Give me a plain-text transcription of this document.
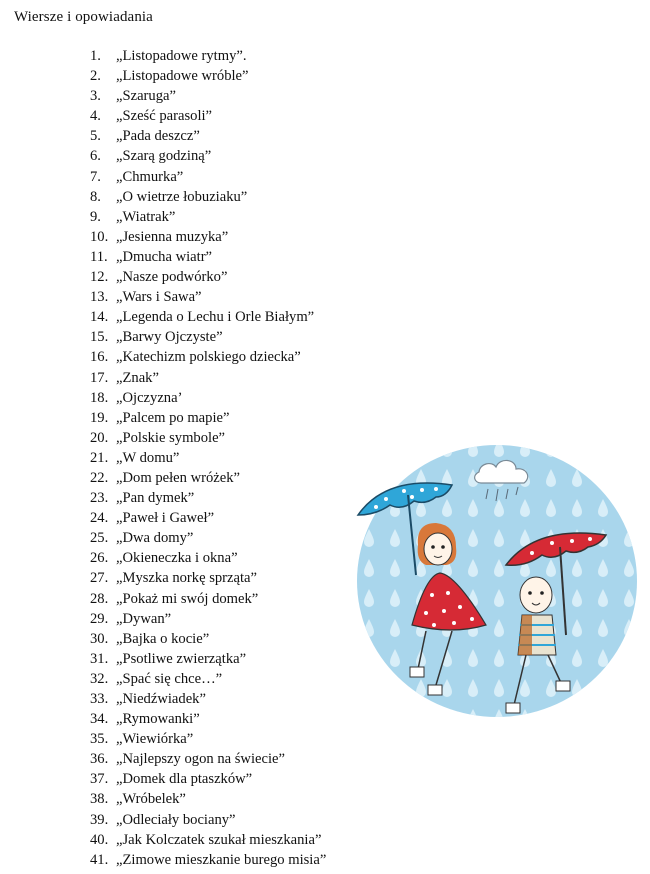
Wiersze i opowiadania
1. „Listopadowe rytmy”.
2. „Listopadowe wróble”
3. „Szaruga”
4. „Sześć parasoli”
5. „Pada deszcz”
6. „Szarą godziną”
7. „Chmurka”
8. „O wietrze łobuziaku”
9. „Wiatrak”
10. „Jesienna muzyka”
11. „Dmucha wiatr”
12. „Nasze podwórko”
13. „Wars i Sawa”
14. „Legenda o Lechu i Orle Białym”
15. „Barwy Ojczyste”
16. „Katechizm polskiego dziecka”
17. „Znak”
18. „Ojczyzna’
19. „Palcem po mapie”
20. „Polskie symbole”
21. „W domu”
22. „Dom pełen wróżek”
23. „Pan dymek”
24. „Paweł i Gaweł”
25. „Dwa domy”
26. „Okieneczka i okna”
27. „Myszka norkę sprząta”
28. „Pokaż mi swój domek”
29. „Dywan”
30. „Bajka o kocie”
31. „Psotliwe zwierzątka”
32. „Spać się chce…”
33. „Niedźwiadek”
34. „Rymowanki”
35. „Wiewiórka”
36. „Najlepszy ogon na świecie”
37. „Domek dla ptaszków”
38. „Wróbelek”
39. „Odleciały bociany”
40. „Jak Kolczatek szukał mieszkania”
41. „Zimowe mieszkanie burego misia”
